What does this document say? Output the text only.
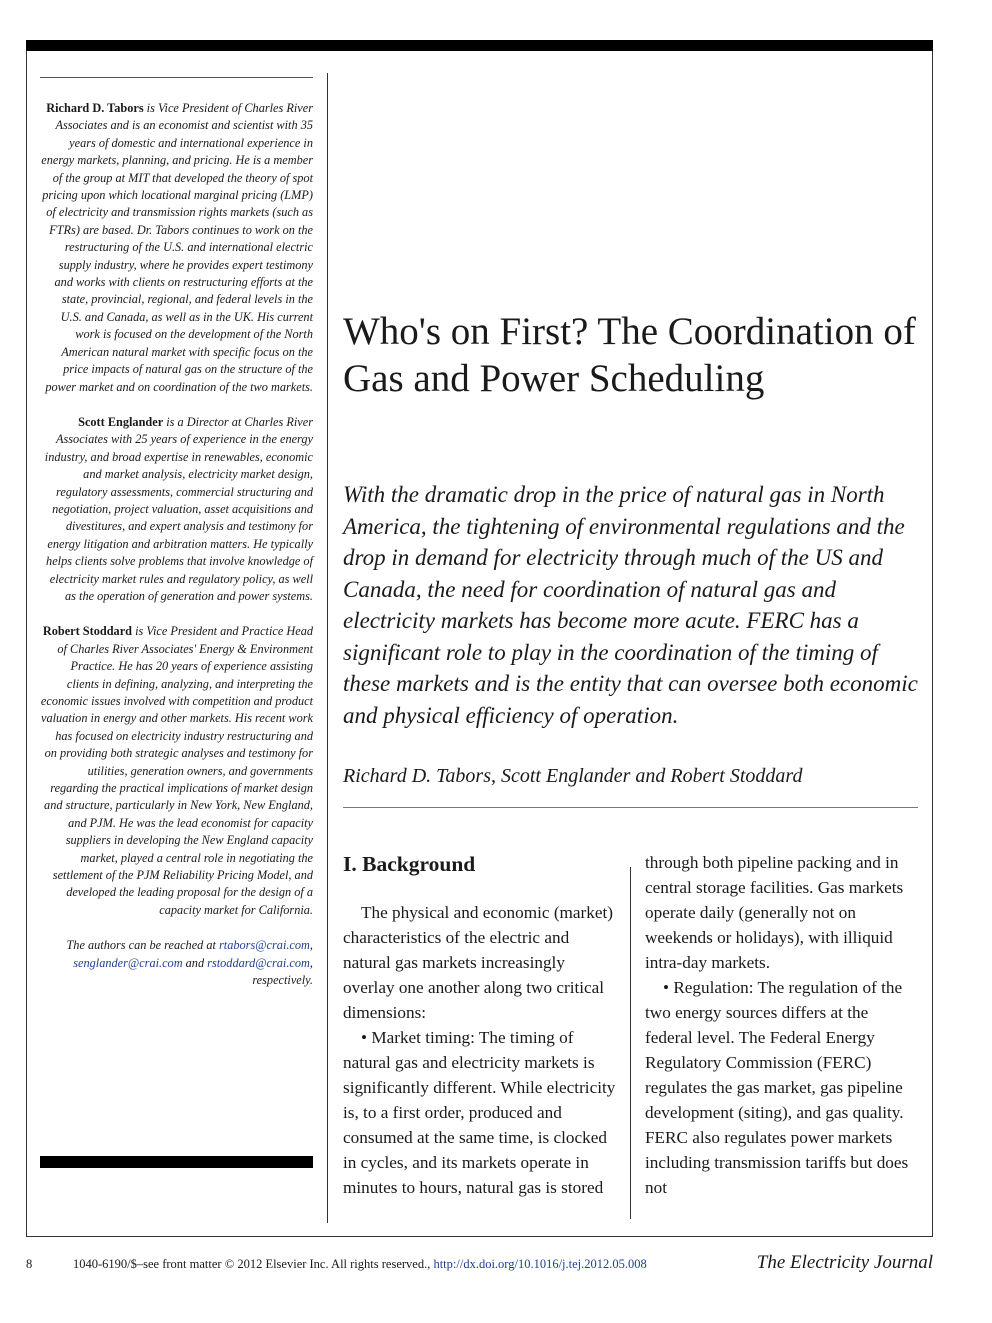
Richard D. Tabors is Vice President of Charles River Associates and is an economist and scientist with 35 years of domestic and international experience in energy markets, planning, and pricing. He is a member of the group at MIT that developed the theory of spot pricing upon which locational marginal pricing (LMP) of electricity and transmission rights markets (such as FTRs) are based. Dr. Tabors continues to work on the restructuring of the U.S. and international electric supply industry, where he provides expert testimony and works with clients on restructuring efforts at the state, provincial, regional, and federal levels in the U.S. and Canada, as well as in the UK. His current work is focused on the development of the North American natural market with specific focus on the price impacts of natural gas on the structure of the power market and on coordination of the two markets.

Scott Englander is a Director at Charles River Associates with 25 years of experience in the energy industry, and broad expertise in renewables, economic and market analysis, electricity market design, regulatory assessments, commercial structuring and negotiation, project valuation, asset acquisitions and divestitures, and expert analysis and testimony for energy litigation and arbitration matters. He typically helps clients solve problems that involve knowledge of electricity market rules and regulatory policy, as well as the operation of generation and power systems.

Robert Stoddard is Vice President and Practice Head of Charles River Associates' Energy & Environment Practice. He has 20 years of experience assisting clients in defining, analyzing, and interpreting the economic issues involved with competition and product valuation in energy and other markets. His recent work has focused on electricity industry restructuring and on providing both strategic analyses and testimony for utilities, generation owners, and governments regarding the practical implications of market design and structure, particularly in New York, New England, and PJM. He was the lead economist for capacity suppliers in developing the New England capacity market, played a central role in negotiating the settlement of the PJM Reliability Pricing Model, and developed the leading proposal for the design of a capacity market for California.

The authors can be reached at rtabors@crai.com, senglander@crai.com and rstoddard@crai.com, respectively.

Who's on First? The Coordination of Gas and Power Scheduling

With the dramatic drop in the price of natural gas in North America, the tightening of environmental regulations and the drop in demand for electricity through much of the US and Canada, the need for coordination of natural gas and electricity markets has become more acute. FERC has a significant role to play in the coordination of the timing of these markets and is the entity that can oversee both economic and physical efficiency of operation.

Richard D. Tabors, Scott Englander and Robert Stoddard

I. Background

The physical and economic (market) characteristics of the electric and natural gas markets increasingly overlay one another along two critical dimensions:

• Market timing: The timing of natural gas and electricity markets is significantly different. While electricity is, to a first order, produced and consumed at the same time, is clocked in cycles, and its markets operate in minutes to hours, natural gas is stored

through both pipeline packing and in central storage facilities. Gas markets operate daily (generally not on weekends or holidays), with illiquid intra-day markets.

• Regulation: The regulation of the two energy sources differs at the federal level. The Federal Energy Regulatory Commission (FERC) regulates the gas market, gas pipeline development (siting), and gas quality. FERC also regulates power markets including transmission tariffs but does not

8	1040-6190/$–see front matter © 2012 Elsevier Inc. All rights reserved., http://dx.doi.org/10.1016/j.tej.2012.05.008	The Electricity Journal
